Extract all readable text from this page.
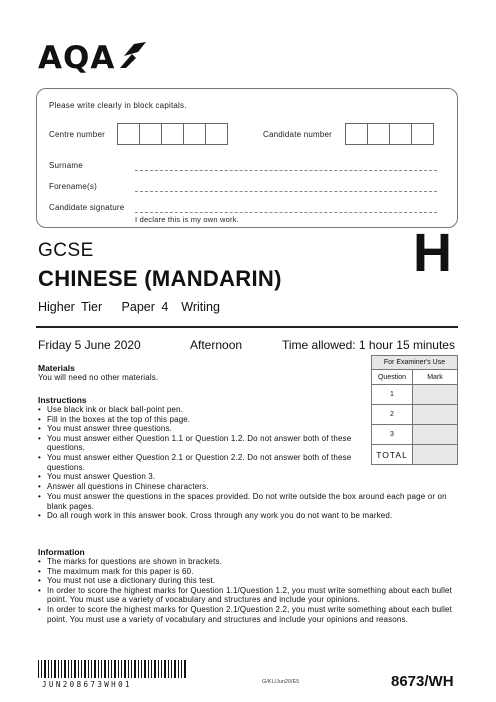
AQA
Please write clearly in block capitals.
Centre number	Candidate number
Surname
Forename(s)
Candidate signature
I declare this is my own work.
GCSE
CHINESE (MANDARIN)
Higher Tier   Paper 4  Writing
H
Friday 5 June 2020	Afternoon	Time allowed: 1 hour 15 minutes
For Examiner's Use	
Question	Mark
1	
2	
3	
TOTAL	
Materials
You will need no other materials.
Instructions
• Use black ink or black ball-point pen.
• Fill in the boxes at the top of this page.
• You must answer three questions.
• You must answer either Question 1.1 or Question 1.2. Do not answer both of these questions.
• You must answer either Question 2.1 or Question 2.2. Do not answer both of these questions.
• You must answer Question 3.
• Answer all questions in Chinese characters.
• You must answer the questions in the spaces provided. Do not write outside the box around each page or on blank pages.
• Do all rough work in this answer book. Cross through any work you do not want to be marked.
Information
• The marks for questions are shown in brackets.
• The maximum mark for this paper is 60.
• You must not use a dictionary during this test.
• In order to score the highest marks for Question 1.1/Question 1.2, you must write something about each bullet point. You must use a variety of vocabulary and structures and include your opinions.
• In order to score the highest marks for Question 2.1/Question 2.2, you must write something about each bullet point. You must use a variety of vocabulary and structures and include your opinions and reasons.
JUN208673WH01	G/KL/Jun20/E5	8673/WH
